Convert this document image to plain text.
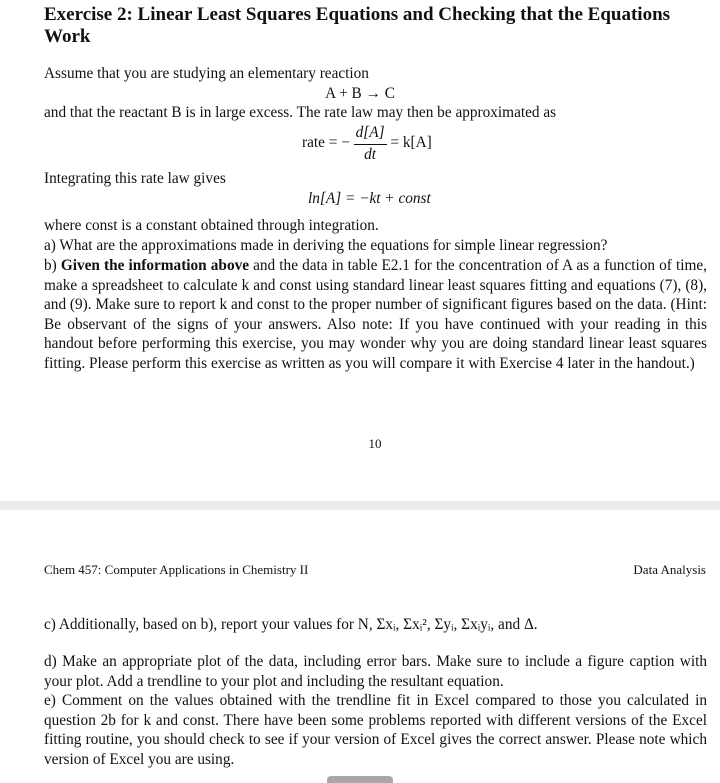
Exercise 2: Linear Least Squares Equations and Checking that the Equations Work
Assume that you are studying an elementary reaction
A + B → C
and that the reactant B is in large excess. The rate law may then be approximated as
rate = − $\frac{d[A]}{dt} = k[A]$
Integrating this rate law gives
ln[A] = −kt + const
where const is a constant obtained through integration.
a) What are the approximations made in deriving the equations for simple linear regression?
b) Given the information above and the data in table E2.1 for the concentration of A as a function of time, make a spreadsheet to calculate k and const using standard linear least squares fitting and equations (7), (8), and (9). Make sure to report k and const to the proper number of significant figures based on the data. (Hint: Be observant of the signs of your answers. Also note: If you have continued with your reading in this handout before performing this exercise, you may wonder why you are doing standard linear least squares fitting. Please perform this exercise as written as you will compare it with Exercise 4 later in the handout.)
10
Chem 457: Computer Applications in Chemistry II	Data Analysis
c) Additionally, based on b), report your values for N, Σxᵢ, Σxᵢ², Σyᵢ, Σxᵢyᵢ, and Δ.
d) Make an appropriate plot of the data, including error bars. Make sure to include a figure caption with your plot. Add a trendline to your plot and including the resultant equation.
e) Comment on the values obtained with the trendline fit in Excel compared to those you calculated in question 2b for k and const. There have been some problems reported with different versions of the Excel fitting routine, you should check to see if your version of Excel gives the correct answer. Please note which version of Excel you are using.
